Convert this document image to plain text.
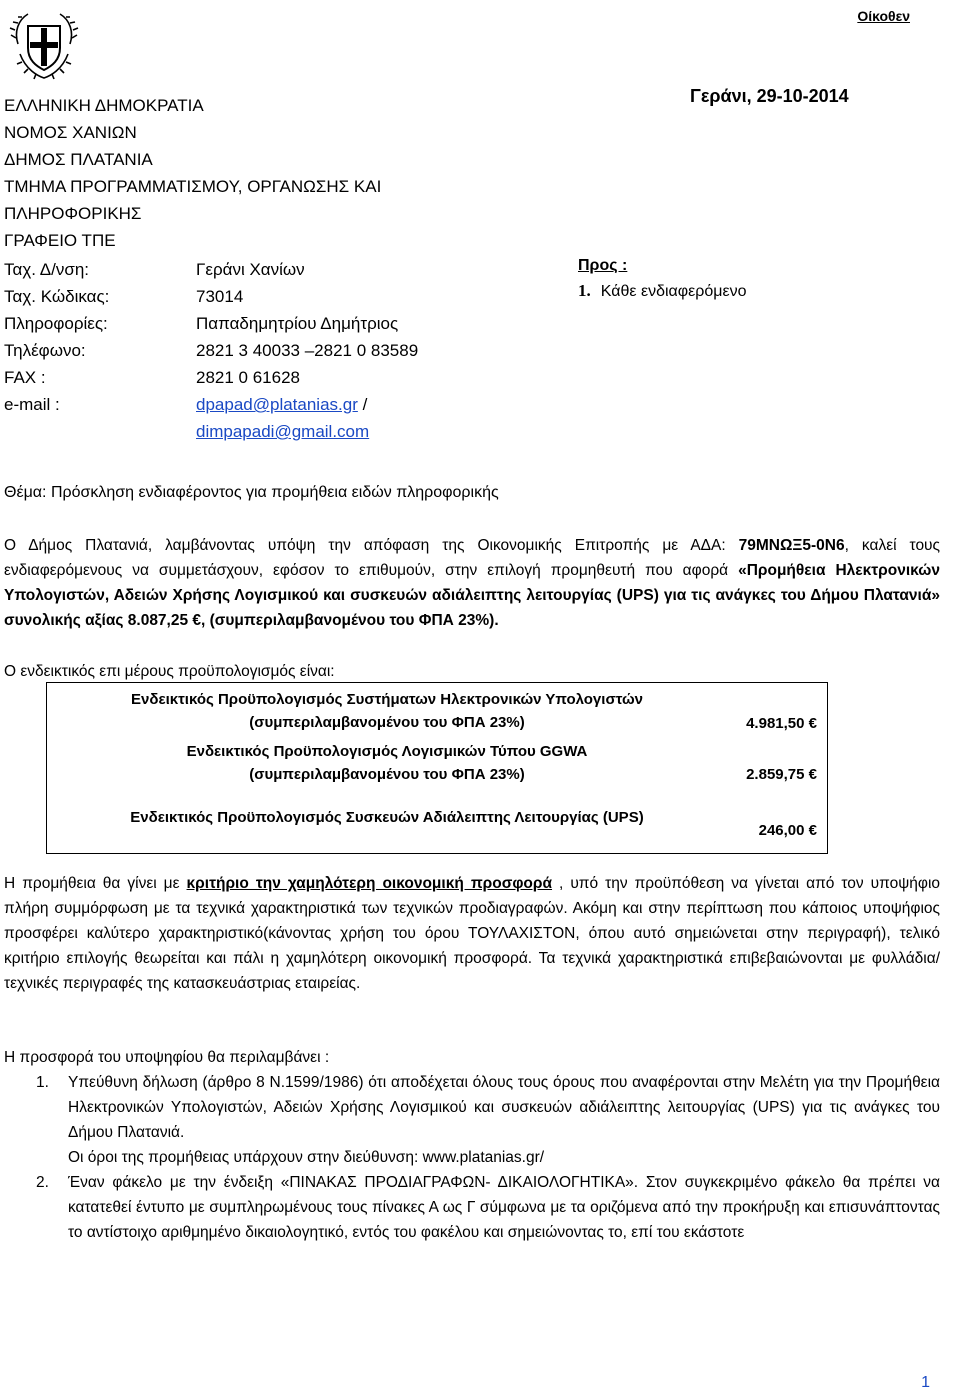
Οίκοθεν
ΕΛΛΗΝΙΚΗ ΔΗΜΟΚΡΑΤΙΑ
ΝΟΜΟΣ ΧΑΝΙΩΝ
ΔΗΜΟΣ ΠΛΑΤΑΝΙΑ
ΤΜΗΜΑ ΠΡΟΓΡΑΜΜΑΤΙΣΜΟΥ, ΟΡΓΑΝΩΣΗΣ ΚΑΙ
ΠΛΗΡΟΦΟΡΙΚΗΣ
ΓΡΑΦΕΙΟ ΤΠΕ
Γεράνι, 29-10-2014
Ταχ. Δ/νση:	Γεράνι Χανίων
Ταχ. Κώδικας:	73014
Πληροφορίες:	Παπαδημητρίου Δημήτριος
Τηλέφωνο:	2821 3 40033 –2821 0 83589
FAX :	2821 0 61628
e-mail :	dpapad@platanias.gr /
dimpapadi@gmail.com
Προς :
1. Κάθε ενδιαφερόμενο
Θέμα: Πρόσκληση ενδιαφέροντος για προμήθεια ειδών πληροφορικής
Ο Δήμος Πλατανιά, λαμβάνοντας υπόψη την απόφαση της Οικονομικής Επιτροπής με ΑΔΑ: 79ΜΝΩΞ5-0Ν6, καλεί τους ενδιαφερόμενους να συμμετάσχουν, εφόσον το επιθυμούν, στην επιλογή προμηθευτή που αφορά «Προμήθεια Ηλεκτρονικών Υπολογιστών, Αδειών Χρήσης Λογισμικού και συσκευών αδιάλειπτης λειτουργίας (UPS) για τις ανάγκες του Δήμου Πλατανιά» συνολικής αξίας 8.087,25 €, (συμπεριλαμβανομένου του ΦΠΑ 23%).
Ο ενδεικτικός επι μέρους προϋπολογισμός είναι:
Ενδεικτικός Προϋπολογισμός Συστήματων Ηλεκτρονικών Υπολογιστών
(συμπεριλαμβανομένου του ΦΠΑ 23%)	4.981,50 €
Ενδεικτικός Προϋπολογισμός Λογισμικών Τύπου GGWA
(συμπεριλαμβανομένου του ΦΠΑ 23%)	2.859,75 €
Ενδεικτικός Προϋπολογισμός Συσκευών Αδιάλειπτης Λειτουργίας (UPS)
246,00 €
Η προμήθεια θα γίνει με κριτήριο την χαμηλότερη οικονομική προσφορά , υπό την προϋπόθεση να γίνεται από τον υποψήφιο πλήρη συμμόρφωση με τα τεχνικά χαρακτηριστικά των τεχνικών προδιαγραφών. Ακόμη και στην περίπτωση που κάποιος υποψήφιος προσφέρει καλύτερο χαρακτηριστικό(κάνοντας χρήση του όρου ΤΟΥΛΑΧΙΣΤΟΝ, όπου αυτό σημειώνεται στην περιγραφή), τελικό κριτήριο επιλογής θεωρείται και πάλι η χαμηλότερη οικονομική προσφορά. Τα τεχνικά χαρακτηριστικά επιβεβαιώνονται με φυλλάδια/τεχνικές περιγραφές της κατασκευάστριας εταιρείας.
Η προσφορά του υποψηφίου θα περιλαμβάνει :
1.	Υπεύθυνη δήλωση (άρθρο 8 Ν.1599/1986) ότι αποδέχεται όλους τους όρους που αναφέρονται στην Μελέτη για την Προμήθεια Ηλεκτρονικών Υπολογιστών, Αδειών Χρήσης Λογισμικού και συσκευών αδιάλειπτης λειτουργίας (UPS) για τις ανάγκες του Δήμου Πλατανιά.
Οι όροι της προμήθειας υπάρχουν στην διεύθυνση: www.platanias.gr/
2.	Έναν φάκελο με την ένδειξη «ΠΙΝΑΚΑΣ ΠΡΟΔΙΑΓΡΑΦΩΝ- ΔΙΚΑΙΟΛΟΓΗΤΙΚΑ». Στον συγκεκριμένο φάκελο θα πρέπει να κατατεθεί έντυπο με συμπληρωμένους τους πίνακες Α ως Γ σύμφωνα με τα οριζόμενα από την προκήρυξη και επισυνάπτοντας το αντίστοιχο αριθμημένο δικαιολογητικό, εντός του φακέλου και σημειώνοντας το, επί του εκάστοτε
1
